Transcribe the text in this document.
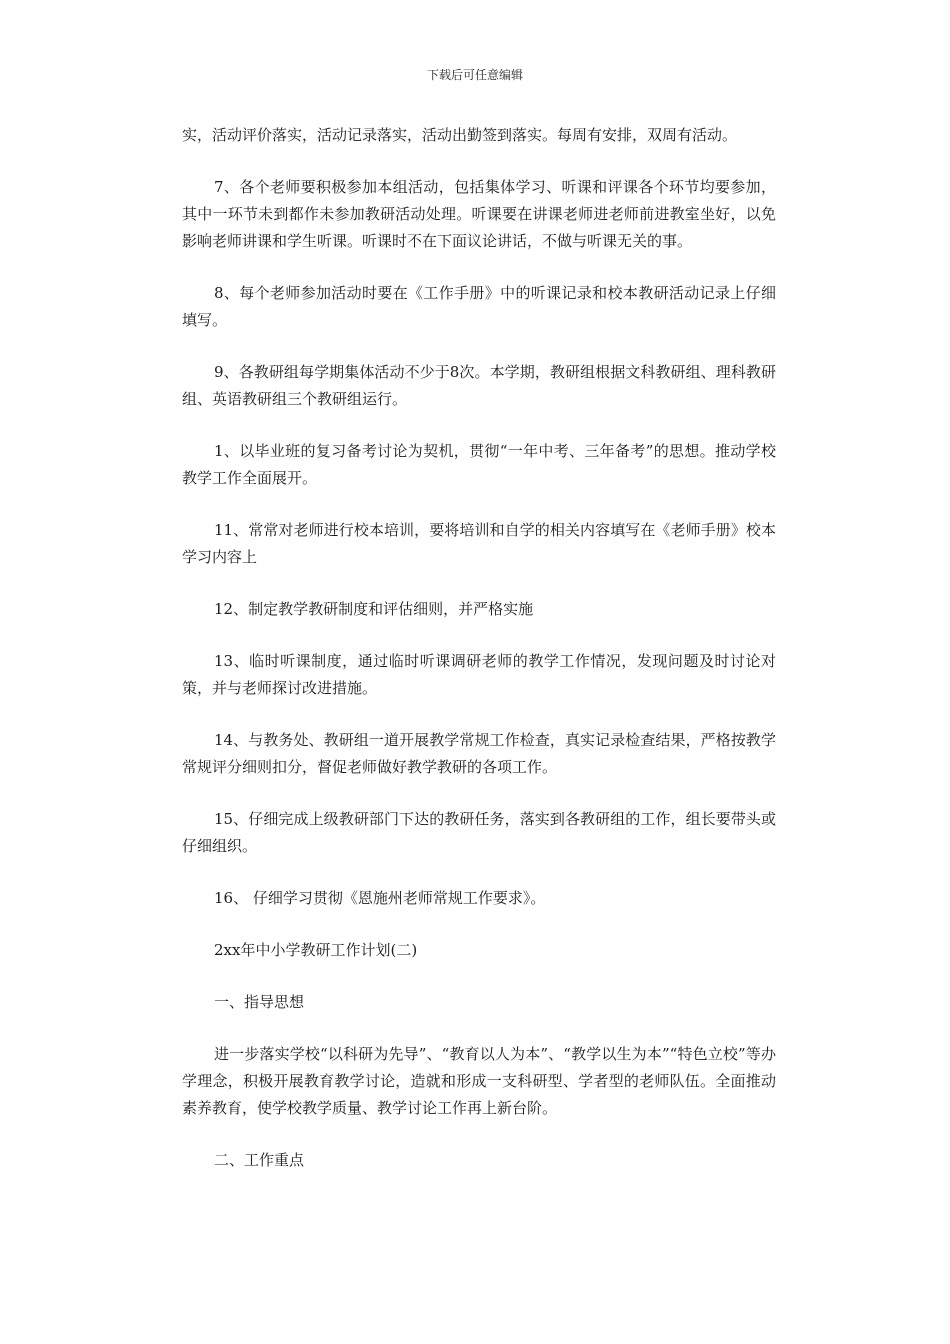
下载后可任意编辑

实，活动评价落实，活动记录落实，活动出勤签到落实。每周有安排，双周有活动。

7、各个老师要积极参加本组活动，包括集体学习、听课和评课各个环节均要参加，其中一环节未到都作未参加教研活动处理。听课要在讲课老师进老师前进教室坐好，以免影响老师讲课和学生听课。听课时不在下面议论讲话，不做与听课无关的事。

8、每个老师参加活动时要在《工作手册》中的听课记录和校本教研活动记录上仔细填写。

9、各教研组每学期集体活动不少于8次。本学期，教研组根据文科教研组、理科教研组、英语教研组三个教研组运行。

1、以毕业班的复习备考讨论为契机，贯彻“一年中考、三年备考”的思想。推动学校教学工作全面展开。

11、常常对老师进行校本培训，要将培训和自学的相关内容填写在《老师手册》校本学习内容上

12、制定教学教研制度和评估细则，并严格实施

13、临时听课制度，通过临时听课调研老师的教学工作情况，发现问题及时讨论对策，并与老师探讨改进措施。

14、与教务处、教研组一道开展教学常规工作检查，真实记录检查结果，严格按教学常规评分细则扣分，督促老师做好教学教研的各项工作。

15、仔细完成上级教研部门下达的教研任务，落实到各教研组的工作，组长要带头或仔细组织。

16、 仔细学习贯彻《恩施州老师常规工作要求》。

2xx年中小学教研工作计划(二)

一、指导思想

进一步落实学校“以科研为先导”、“教育以人为本”、“教学以生为本”“特色立校”等办学理念，积极开展教育教学讨论，造就和形成一支科研型、学者型的老师队伍。全面推动素养教育，使学校教学质量、教学讨论工作再上新台阶。

二、工作重点
